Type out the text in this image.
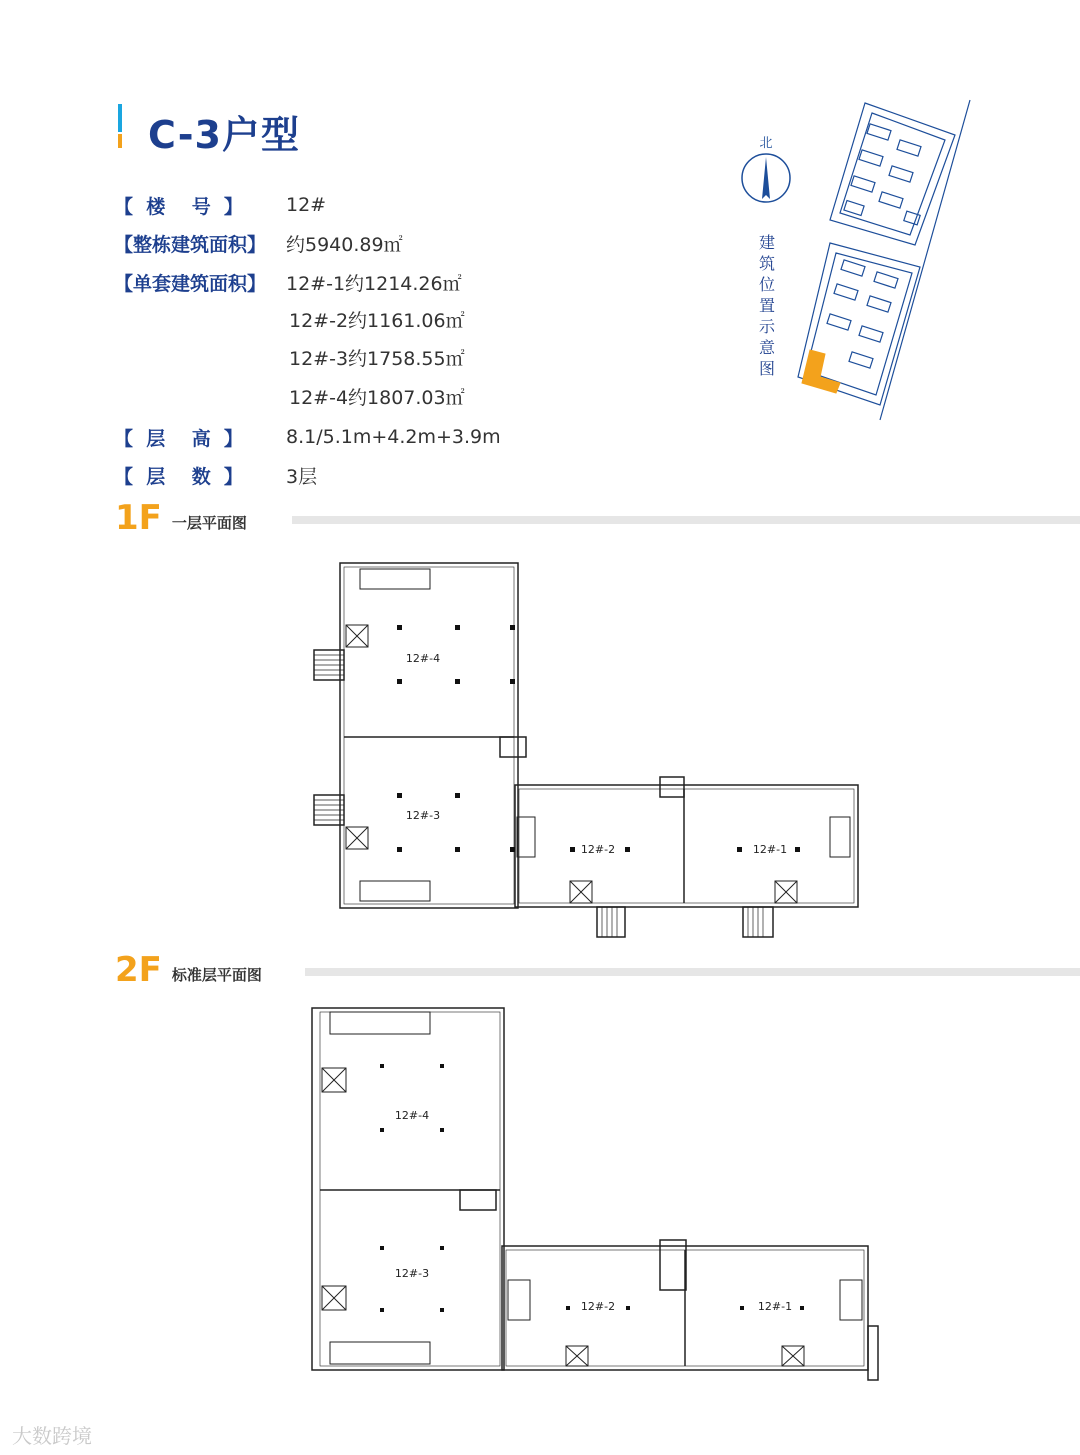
C-3户型
【  楼    号  】	12#
【整栋建筑面积】	约5940.89㎡
【单套建筑面积】	12#-1约1214.26㎡
12#-2约1161.06㎡
12#-3约1758.55㎡
12#-4约1807.03㎡
【  层    高  】	8.1/5.1m+4.2m+3.9m
【  层    数  】	3层
北
建筑位置示意图
1F 一层平面图
12#-4
12#-3
12#-2	12#-1
2F 标准层平面图
12#-4
12#-3
12#-2	12#-1
大数跨境
